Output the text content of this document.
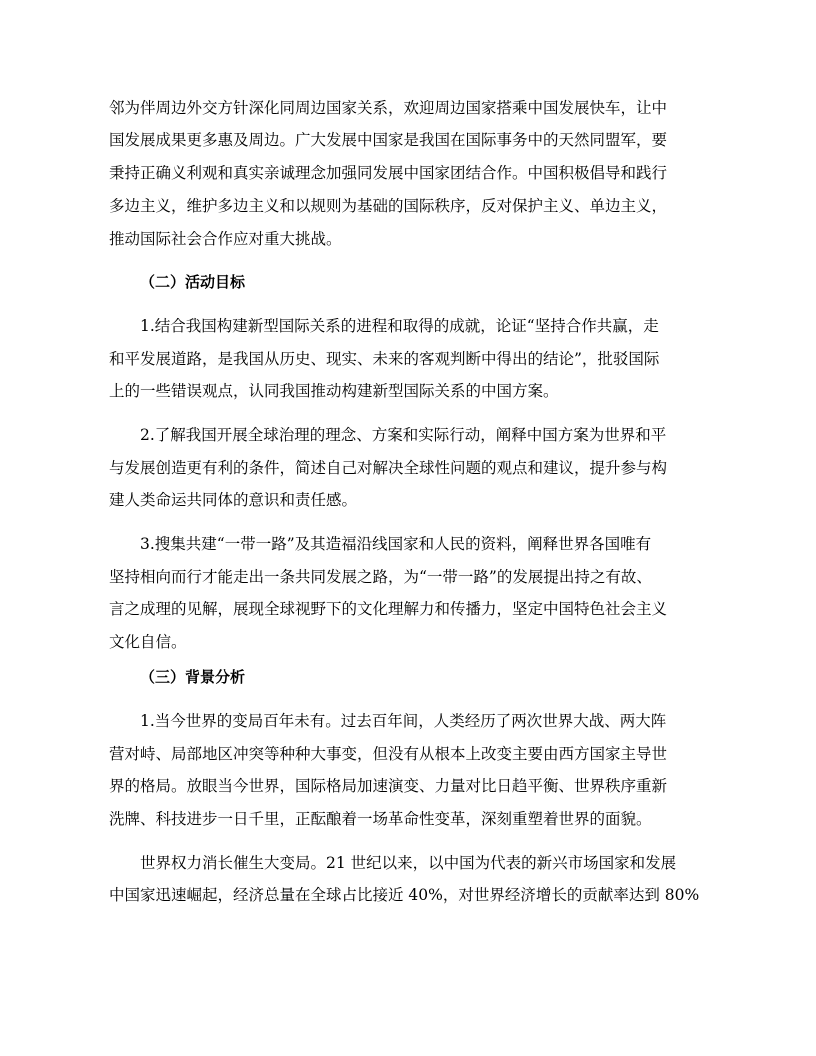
邻为伴周边外交方针深化同周边国家关系，欢迎周边国家搭乘中国发展快车，让中
国发展成果更多惠及周边。广大发展中国家是我国在国际事务中的天然同盟军，要
秉持正确义利观和真实亲诚理念加强同发展中国家团结合作。中国积极倡导和践行
多边主义，维护多边主义和以规则为基础的国际秩序，反对保护主义、单边主义，
推动国际社会合作应对重大挑战。
（二）活动目标
1.结合我国构建新型国际关系的进程和取得的成就，论证“坚持合作共赢，走
和平发展道路，是我国从历史、现实、未来的客观判断中得出的结论”，批驳国际
上的一些错误观点，认同我国推动构建新型国际关系的中国方案。
2.了解我国开展全球治理的理念、方案和实际行动，阐释中国方案为世界和平
与发展创造更有利的条件，简述自己对解决全球性问题的观点和建议，提升参与构
建人类命运共同体的意识和责任感。
3.搜集共建“一带一路”及其造福沿线国家和人民的资料，阐释世界各国唯有
坚持相向而行才能走出一条共同发展之路，为“一带一路”的发展提出持之有故、
言之成理的见解，展现全球视野下的文化理解力和传播力，坚定中国特色社会主义
文化自信。
（三）背景分析
1.当今世界的变局百年未有。过去百年间，人类经历了两次世界大战、两大阵
营对峙、局部地区冲突等种种大事变，但没有从根本上改变主要由西方国家主导世
界的格局。放眼当今世界，国际格局加速演变、力量对比日趋平衡、世界秩序重新
洗牌、科技进步一日千里，正酝酿着一场革命性变革，深刻重塑着世界的面貌。
世界权力消长催生大变局。21 世纪以来，以中国为代表的新兴市场国家和发展
中国家迅速崛起，经济总量在全球占比接近 40%，对世界经济增长的贡献率达到 80%
